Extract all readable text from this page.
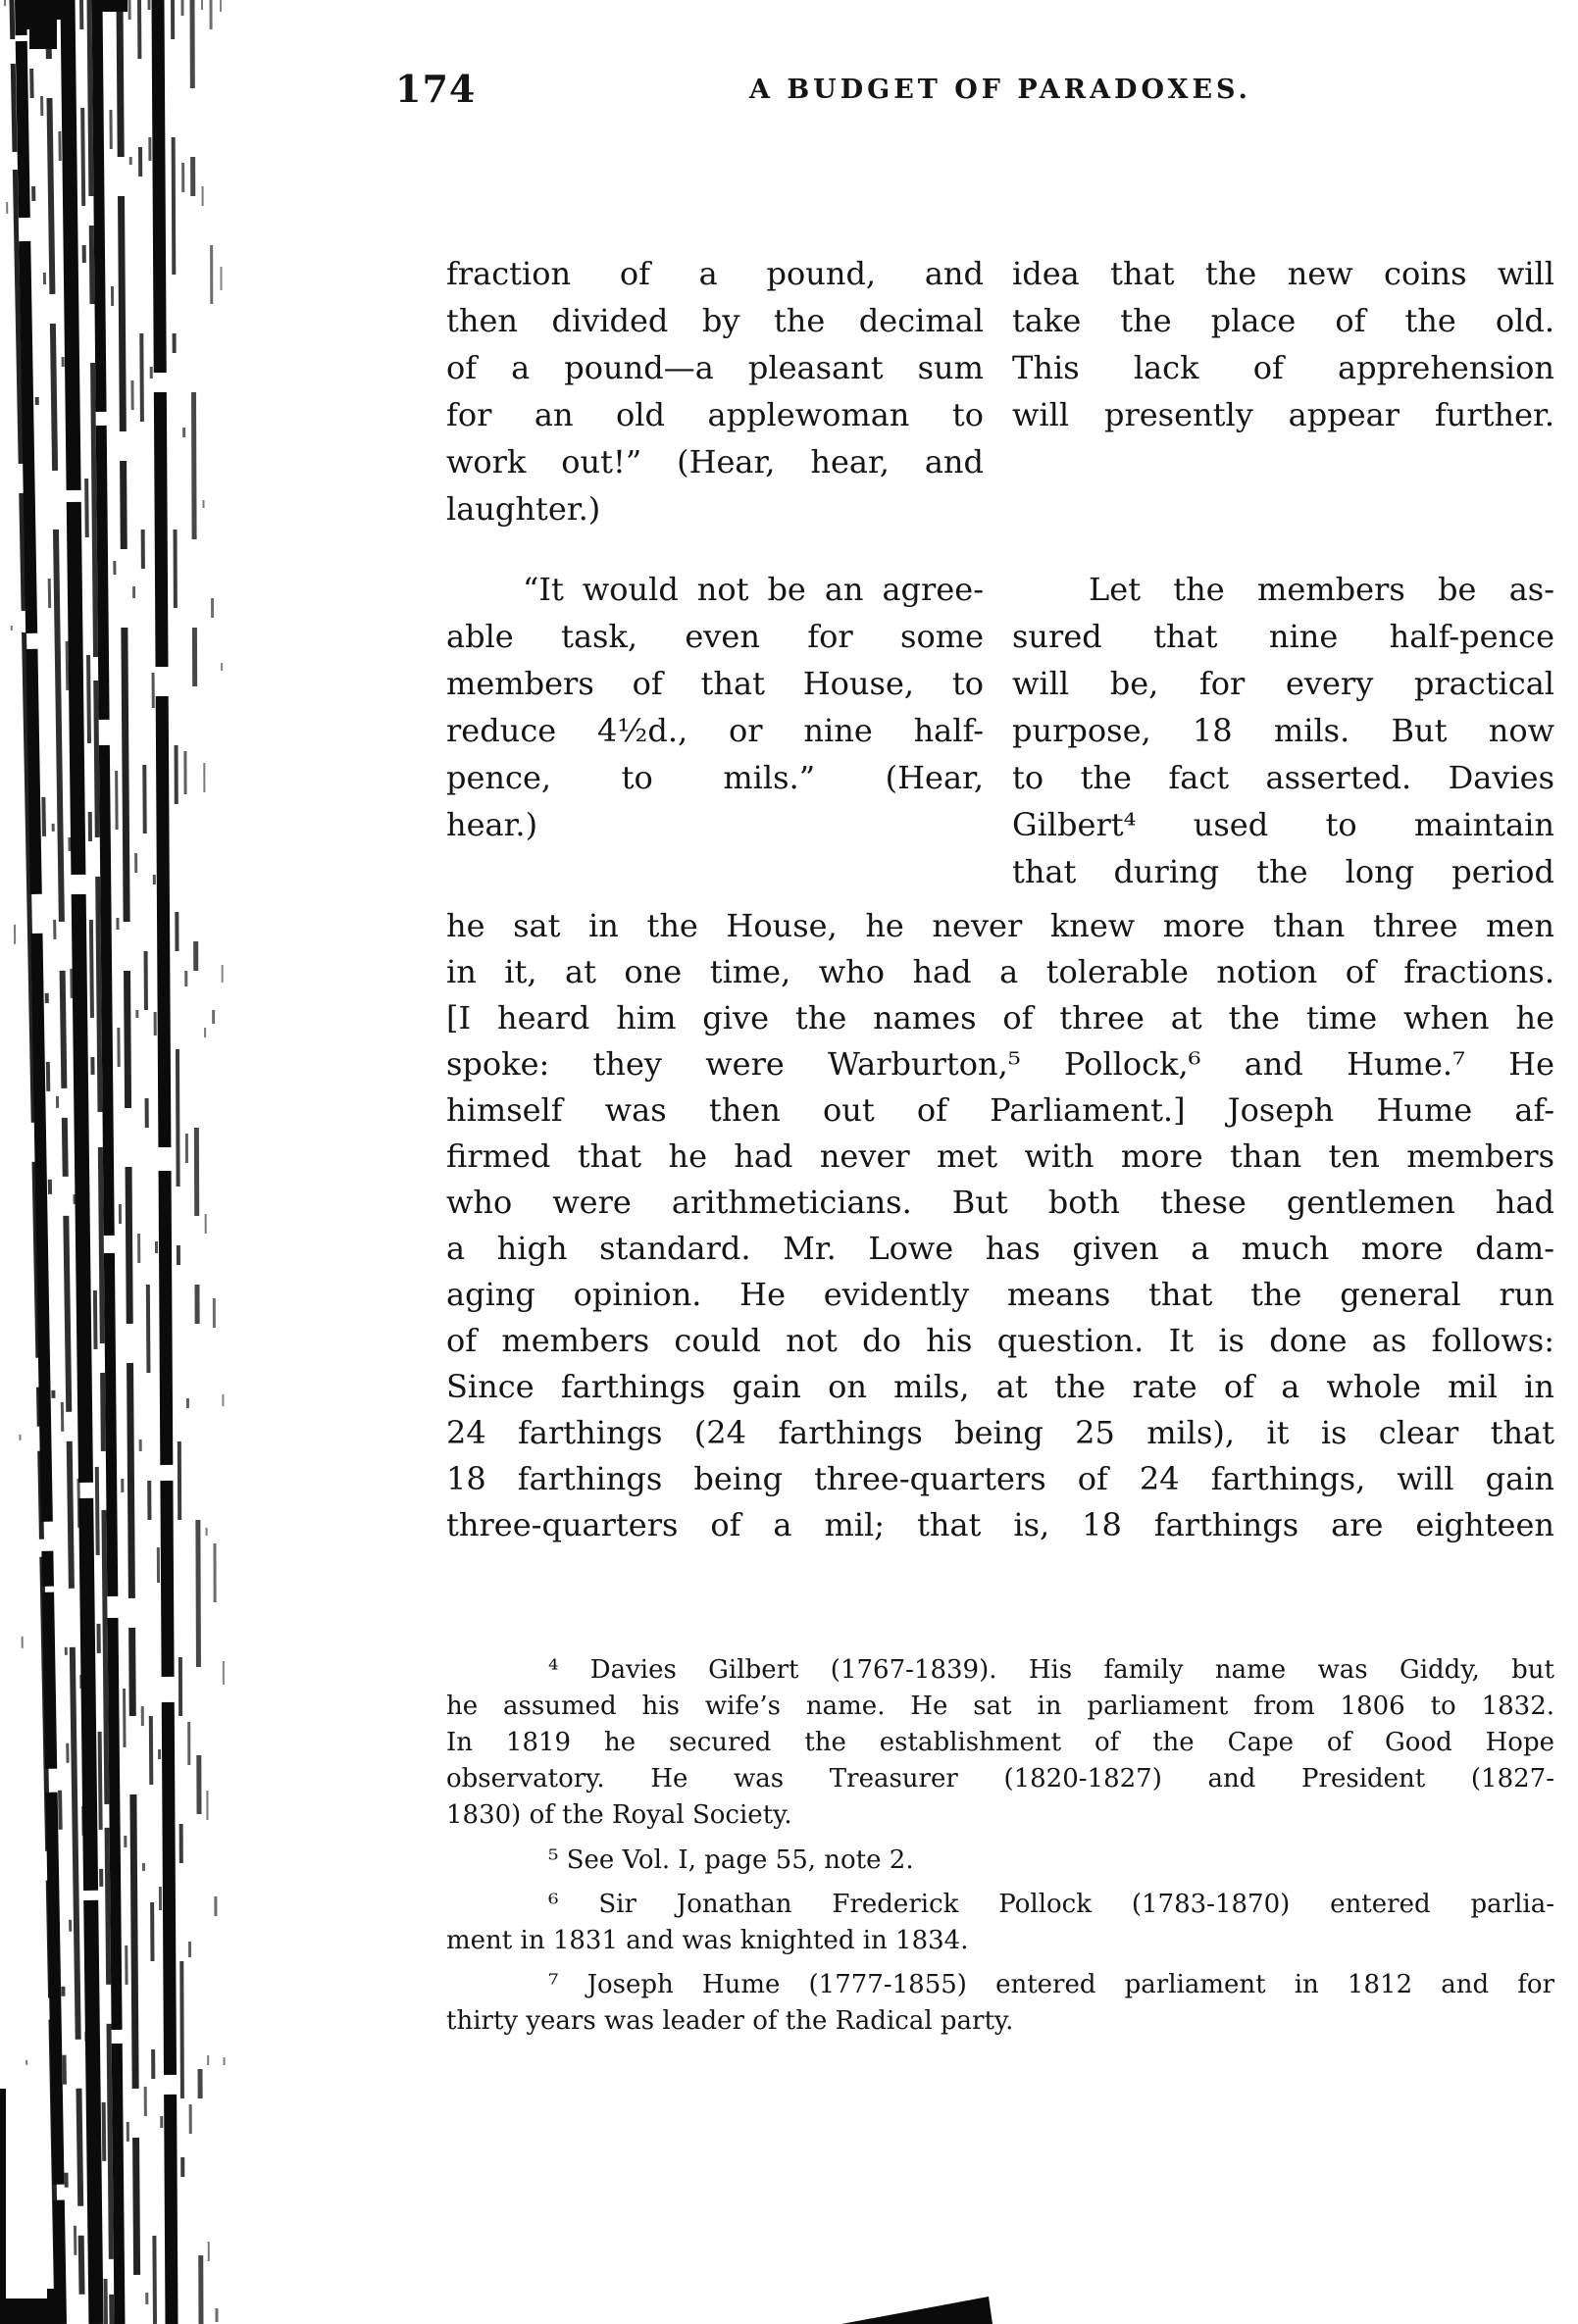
174	A BUDGET OF PARADOXES.
fraction of a pound, and
then divided by the decimal
of a pound—a pleasant sum
for an old applewoman to
work out!” (Hear, hear, and
laughter.)
idea that the new coins will
take the place of the old.
This lack of apprehension
will presently appear further.
“It would not be an agree-
able task, even for some
members of that House, to
reduce 4½d., or nine half-
pence, to mils.” (Hear,
hear.)
Let the members be as-
sured that nine half-pence
will be, for every practical
purpose, 18 mils. But now
to the fact asserted. Davies
Gilbert⁴ used to maintain
that during the long period
he sat in the House, he never knew more than three men
in it, at one time, who had a tolerable notion of fractions.
[I heard him give the names of three at the time when he
spoke: they were Warburton,⁵ Pollock,⁶ and Hume.⁷ He
himself was then out of Parliament.] Joseph Hume af-
firmed that he had never met with more than ten members
who were arithmeticians. But both these gentlemen had
a high standard. Mr. Lowe has given a much more dam-
aging opinion. He evidently means that the general run
of members could not do his question. It is done as follows:
Since farthings gain on mils, at the rate of a whole mil in
24 farthings (24 farthings being 25 mils), it is clear that
18 farthings being three-quarters of 24 farthings, will gain
three-quarters of a mil; that is, 18 farthings are eighteen
⁴ Davies Gilbert (1767-1839). His family name was Giddy, but
he assumed his wife’s name. He sat in parliament from 1806 to 1832.
In 1819 he secured the establishment of the Cape of Good Hope
observatory. He was Treasurer (1820-1827) and President (1827-
1830) of the Royal Society.
⁵ See Vol. I, page 55, note 2.
⁶ Sir Jonathan Frederick Pollock (1783-1870) entered parlia-
ment in 1831 and was knighted in 1834.
⁷ Joseph Hume (1777-1855) entered parliament in 1812 and for
thirty years was leader of the Radical party.
